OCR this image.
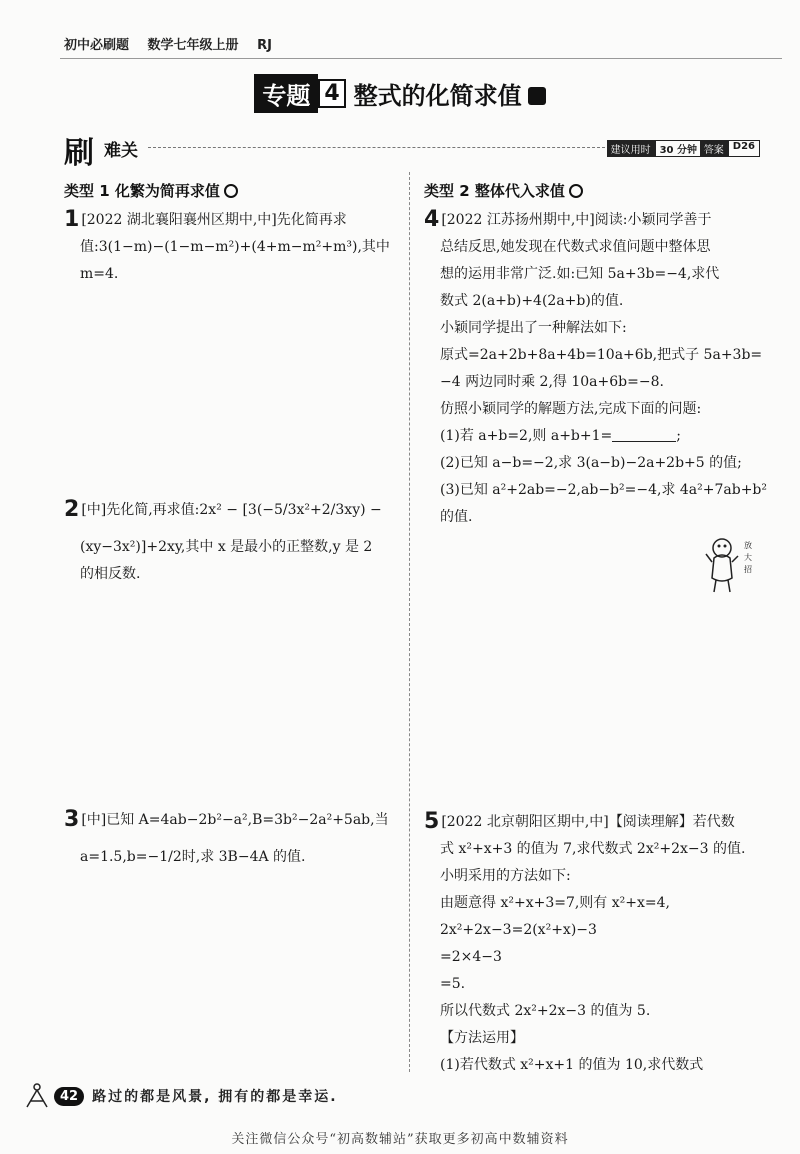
初中必刷题 数学七年级上册 RJ
专题 4 整式的化简求值
刷 难关	建议用时 30 分钟 答案 D26
类型 1 化繁为简再求值
1 [2022 湖北襄阳襄州区期中,中]先化简再求
值:3(1−m)−(1−m−m²)+(4+m−m²+m³),其中
m=4.
2 [中]先化简,再求值:2x² − [3(−5/3x²+2/3xy) −
(xy−3x²)]+2xy,其中 x 是最小的正整数,y 是 2
的相反数.
3 [中]已知 A=4ab−2b²−a²,B=3b²−2a²+5ab,当
a=1.5,b=−1/2时,求 3B−4A 的值.
类型 2 整体代入求值
4 [2022 江苏扬州期中,中]阅读:小颖同学善于
总结反思,她发现在代数式求值问题中整体思
想的运用非常广泛.如:已知 5a+3b=−4,求代
数式 2(a+b)+4(2a+b)的值.
小颖同学提出了一种解法如下:
原式=2a+2b+8a+4b=10a+6b,把式子 5a+3b=
−4 两边同时乘 2,得 10a+6b=−8.
仿照小颖同学的解题方法,完成下面的问题:
(1)若 a+b=2,则 a+b+1=	;
(2)已知 a−b=−2,求 3(a−b)−2a+2b+5 的值;
(3)已知 a²+2ab=−2,ab−b²=−4,求 4a²+7ab+b²
的值.
放
大
招
5 [2022 北京朝阳区期中,中]【阅读理解】若代数
式 x²+x+3 的值为 7,求代数式 2x²+2x−3 的值.
小明采用的方法如下:
由题意得 x²+x+3=7,则有 x²+x=4,
2x²+2x−3=2(x²+x)−3
=2×4−3
=5.
所以代数式 2x²+2x−3 的值为 5.
【方法运用】
(1)若代数式 x²+x+1 的值为 10,求代数式
42	路过的都是风景, 拥有的都是幸运.
关注微信公众号“初高数辅站”获取更多初高中数辅资料
